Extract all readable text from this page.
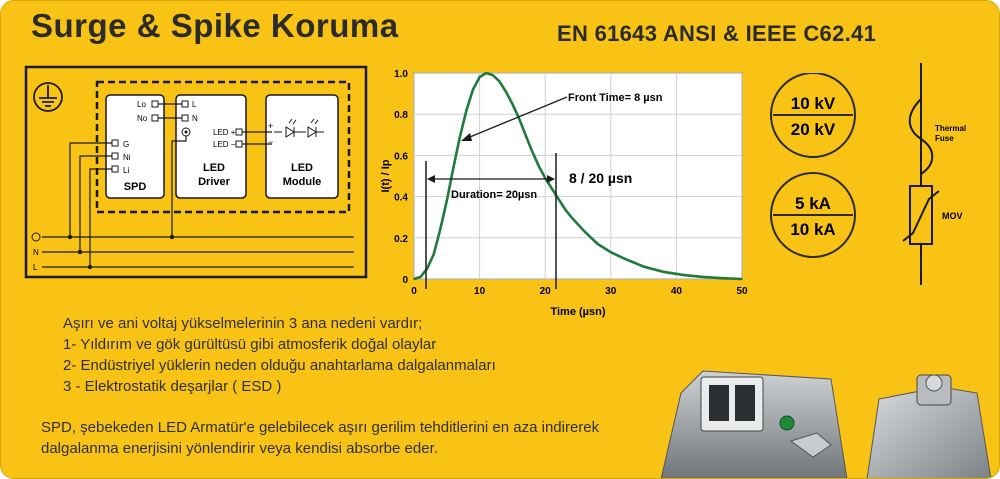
Surge & Spike Koruma	EN 61643 ANSI & IEEE C62.41
SPD
Lo
No
G
Ni
Li	LED
Driver
L
N
LED +
LED −
LED
Module
+
−
N
L
0
0.2
0.4
0.6
0.8
1.0
0	10	20	30	40	50
I(t) / Ip
Time (µsn)
Front Time= 8 µsn
Duration= 20µsn
8 / 20 µsn
10 kV
20 kV
5 kA
10 kA
Thermal
Fuse
MOV
Aşırı ve ani voltaj yükselmelerinin 3 ana nedeni vardır;
1- Yıldırım ve gök gürültüsü gibi atmosferik doğal olaylar
2- Endüstriyel yüklerin neden olduğu anahtarlama dalgalanmaları
3 - Elektrostatik deşarjlar ( ESD )
SPD, şebekeden LED Armatür'e gelebilecek aşırı gerilim tehditlerini en aza indirerek dalgalanma enerjisini yönlendirir veya kendisi absorbe eder.
